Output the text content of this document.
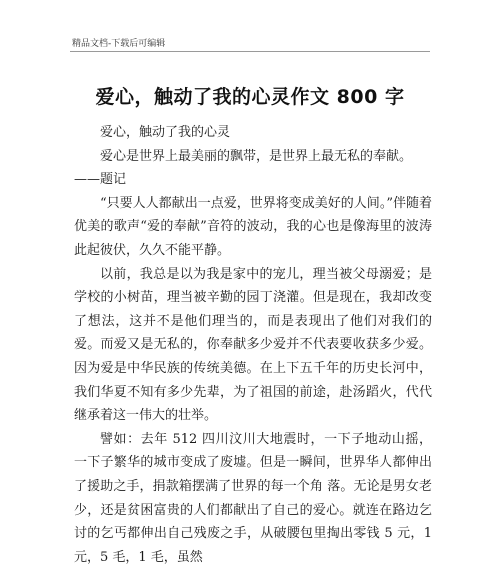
精品文档-下载后可编辑
爱心，触动了我的心灵作文 800 字

爱心，触动了我的心灵

爱心是世界上最美丽的飘带，是世界上最无私的奉献。

——题记

“只要人人都献出一点爱，世界将变成美好的人间。”伴随着优美的歌声“爱的奉献”音符的波动，我的心也是像海里的波涛此起彼伏，久久不能平静。

以前，我总是以为我是家中的宠儿，理当被父母溺爱；是学校的小树苗，理当被辛勤的园丁浇灌。但是现在，我却改变了想法，这并不是他们理当的，而是表现出了他们对我们的爱。而爱又是无私的，你奉献多少爱并不代表要收获多少爱。因为爱是中华民族的传统美德。在上下五千年的历史长河中，我们华夏不知有多少先辈，为了祖国的前途，赴汤蹈火，代代继承着这一伟大的壮举。

譬如：去年 512 四川汶川大地震时，一下子地动山摇，一下子繁华的城市变成了废墟。但是一瞬间，世界华人都伸出了援助之手，捐款箱摆满了世界的每一个角 落。无论是男女老少，还是贫困富贵的人们都献出了自己的爱心。就连在路边乞讨的乞丐都伸出自己残废之手，从破腰包里掏出零钱 5 元，1 元，5 毛，1 毛，虽然
